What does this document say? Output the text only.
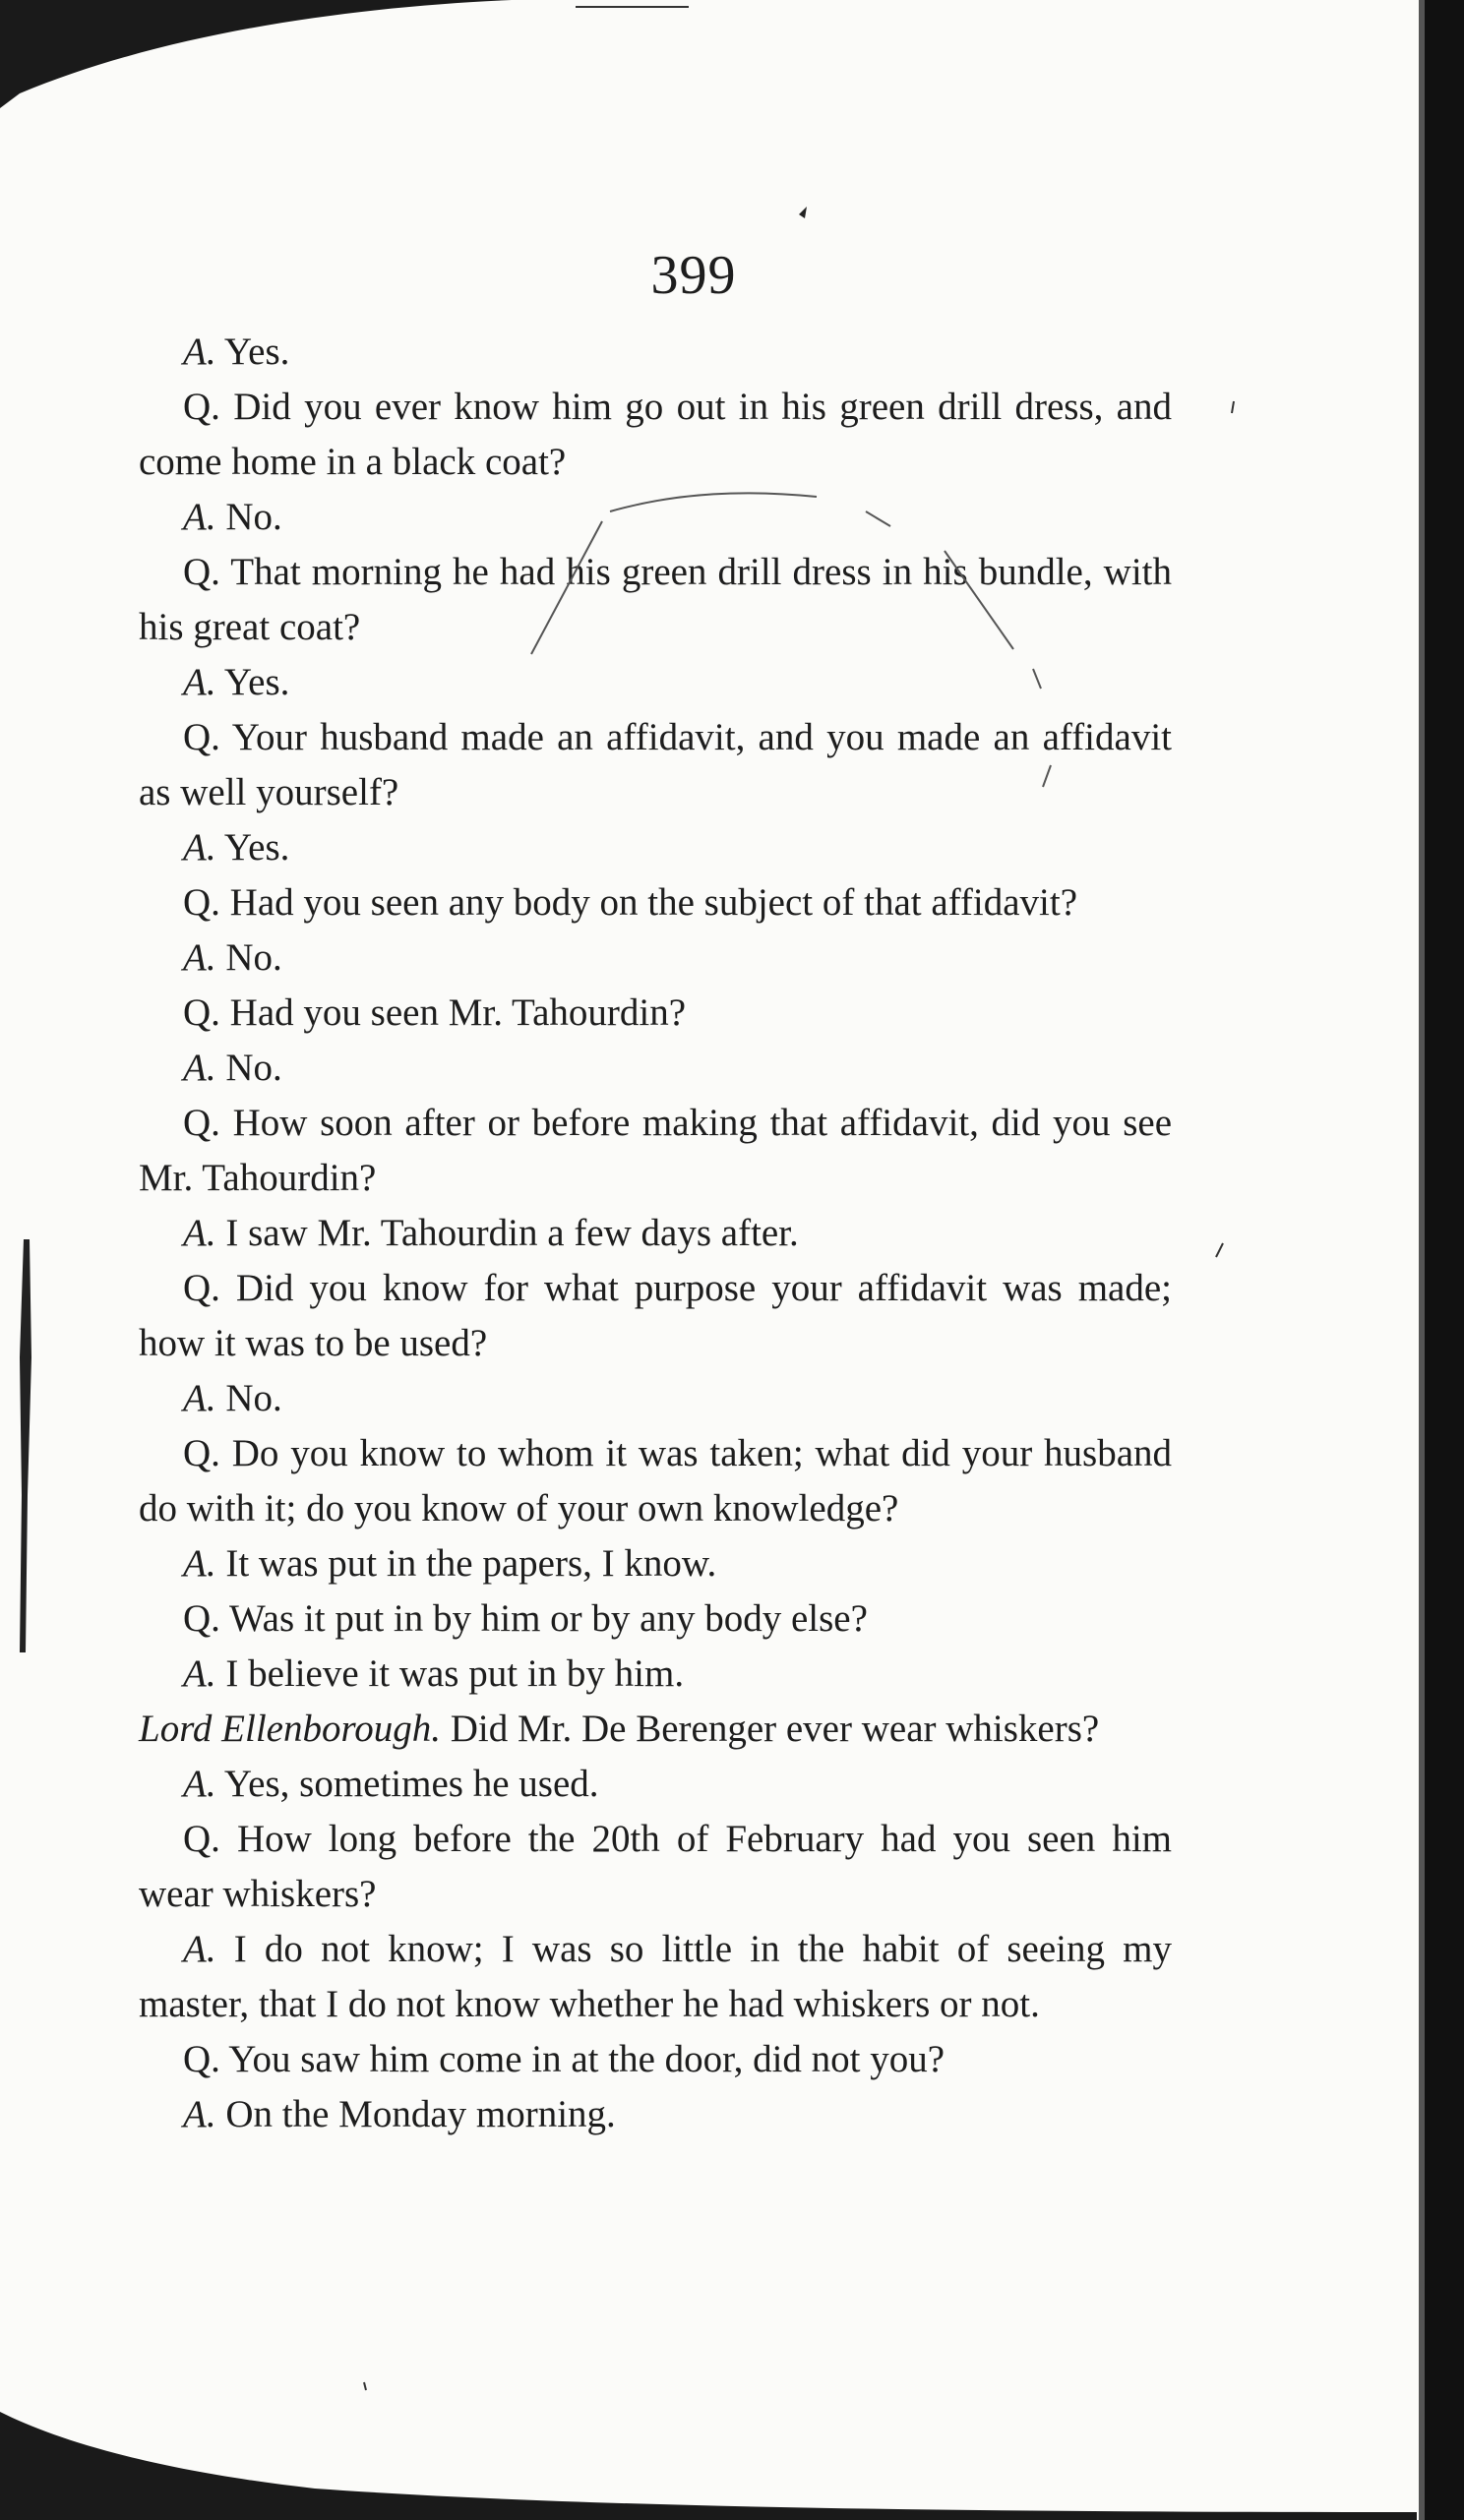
399

A. Yes.

Q. Did you ever know him go out in his green drill dress, and come home in a black coat?

A. No.

Q. That morning he had his green drill dress in his bundle, with his great coat?

A. Yes.

Q. Your husband made an affidavit, and you made an affidavit as well yourself?

A. Yes.

Q. Had you seen any body on the subject of that affidavit?

A. No.

Q. Had you seen Mr. Tahourdin?

A. No.

Q. How soon after or before making that affidavit, did you see Mr. Tahourdin?

A. I saw Mr. Tahourdin a few days after.

Q. Did you know for what purpose your affidavit was made; how it was to be used?

A. No.

Q. Do you know to whom it was taken; what did your husband do with it; do you know of your own knowledge?

A. It was put in the papers, I know.

Q. Was it put in by him or by any body else?

A. I believe it was put in by him.

Lord Ellenborough. Did Mr. De Berenger ever wear whiskers?

A. Yes, sometimes he used.

Q. How long before the 20th of February had you seen him wear whiskers?

A. I do not know; I was so little in the habit of seeing my master, that I do not know whether he had whiskers or not.

Q. You saw him come in at the door, did not you?

A. On the Monday morning.
